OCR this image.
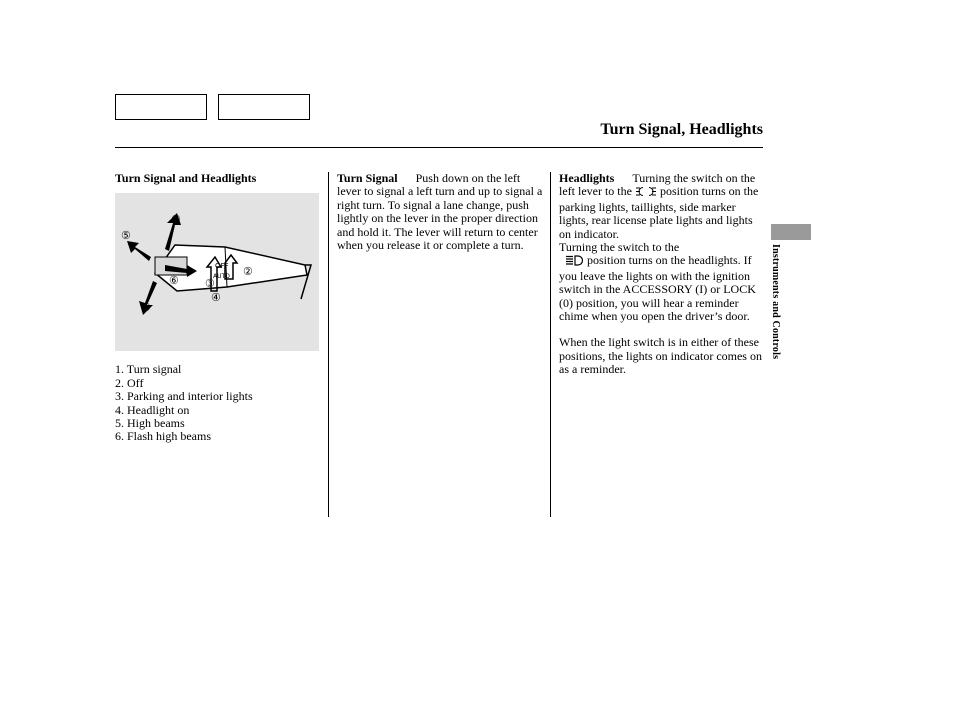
Turn Signal, Headlights
Turn Signal and Headlights
OFF
AUTO
①
②
③
④
⑤
⑥
①
1. Turn signal
2. Off
3. Parking and interior lights
4. Headlight on
5. High beams
6. Flash high beams

Turn Signal Push down on the left lever to signal a left turn and up to signal a right turn. To signal a lane change, push lightly on the lever in the proper direction and hold it. The lever will return to center when you release it or complete a turn.

Headlights Turning the switch on the left lever to the position turns on the parking lights, taillights, side marker lights, rear license plate lights and lights on indicator.
Turning the switch to the
position turns on the headlights. If you leave the lights on with the ignition switch in the ACCESSORY (I) or LOCK (0) position, you will hear a reminder chime when you open the driver’s door.

When the light switch is in either of these positions, the lights on indicator comes on as a reminder.

Instruments and Controls
